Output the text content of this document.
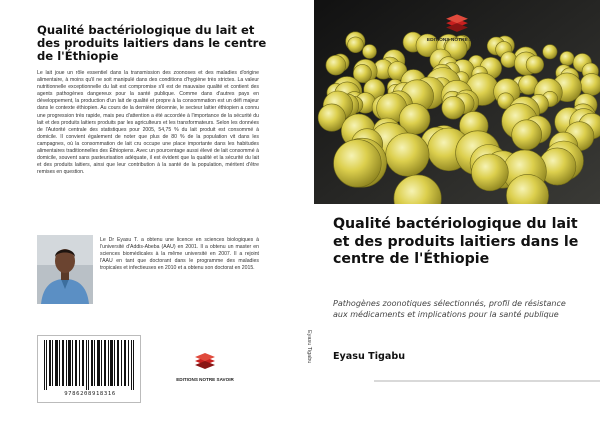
Qualité bactériologique du lait et des produits laitiers dans le centre de l'Éthiopie

Le lait joue un rôle essentiel dans la transmission des zoonoses et des maladies d'origine alimentaire, à moins qu'il ne soit manipulé dans des conditions d'hygiène très strictes. La valeur nutritionnelle exceptionnelle du lait est compromise s'il est de mauvaise qualité et contient des agents pathogènes dangereux pour la santé publique. Comme dans d'autres pays en développement, la production d'un lait de qualité et propre à la consommation est un défi majeur dans le contexte éthiopien. Au cours de la dernière décennie, le secteur laitier éthiopien a connu une progression très rapide, mais peu d'attention a été accordée à l'importance de la sécurité du lait et des produits laitiers produits par les agriculteurs et les transformateurs. Selon les données de l'Autorité centrale des statistiques pour 2005, 54,75 % du lait produit est consommé à domicile. Il convient également de noter que plus de 80 % de la population vit dans les campagnes, où la consommation de lait cru occupe une place importante dans les habitudes alimentaires traditionnelles des Éthiopiens. Avec un pourcentage aussi élevé de lait consommé à domicile, souvent sans pasteurisation adéquate, il est évident que la qualité et la sécurité du lait et des produits laitiers, ainsi que leur contribution à la santé de la population, méritent d'être remises en question.

Le Dr Eyasu T. a obtenu une licence en sciences biologiques à l'université d'Addis-Abeba (AAU) en 2001. Il a obtenu un master en sciences biomédicales à la même université en 2007. Il a rejoint l'AAU en tant que doctorant dans le programme des maladies tropicales et infectieuses en 2010 et a obtenu son doctorat en 2015.

9786208918316
EDITIONS NOTRE SAVOIR
Eyasu Tigabu
EDITIONS NOTRE SAVOIR
Qualité bactériologique du lait et des produits laitiers dans le centre de l'Éthiopie

Pathogènes zoonotiques sélectionnés, profil de résistance aux médicaments et implications pour la santé publique

Eyasu Tigabu
